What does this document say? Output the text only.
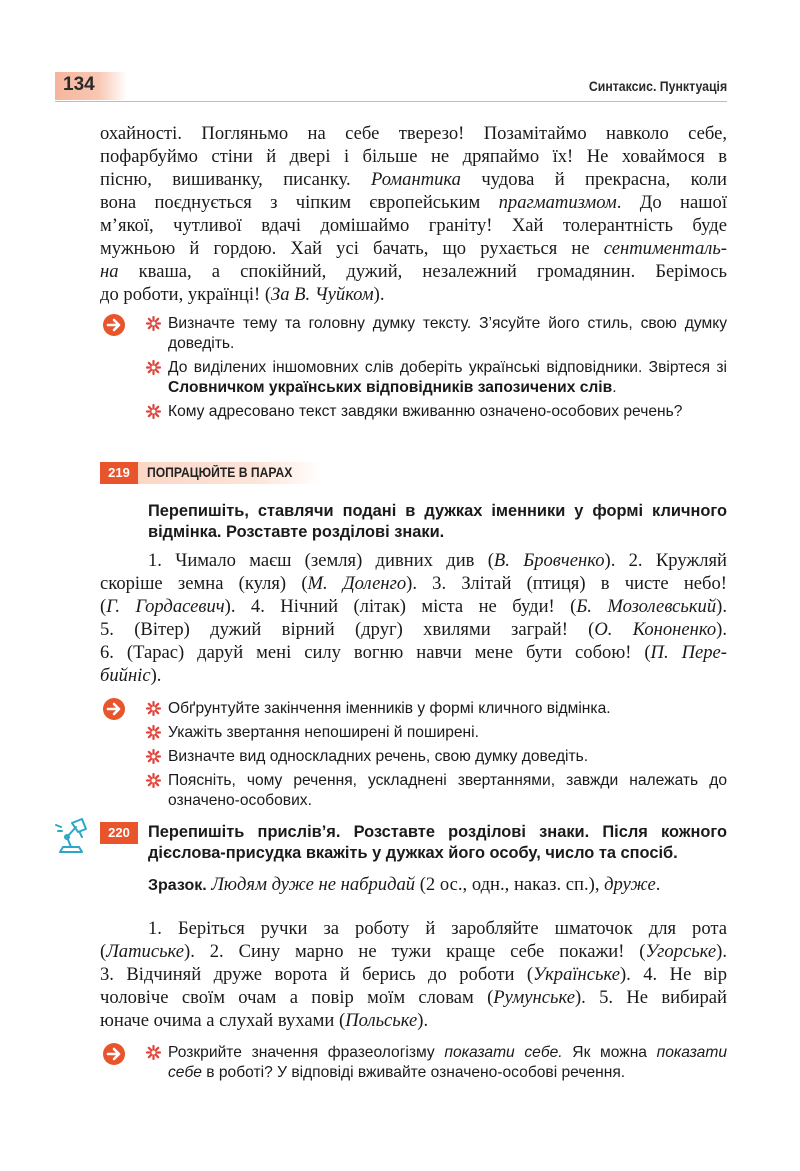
134	Синтаксис. Пунктуація
охайності. Погляньмо на себе тверезо! Позамітаймо навколо себе,
пофарбуймо стіни й двері і більше не дряпаймо їх! Не ховаймося в
пісню, вишиванку, писанку. Романтика чудова й прекрасна, коли
вона поєднується з чіпким європейським прагматизмом. До нашої
м’якої, чутливої вдачі домішаймо граніту! Хай толерантність буде
мужньою й гордою. Хай усі бачать, що рухається не сентименталь-
на кваша, а спокійний, дужий, незалежний громадянин. Берімось
до роботи, українці! (За В. Чуйком).
Визначте тему та головну думку тексту. З’ясуйте його стиль, свою думку доведіть.
До виділених іншомовних слів доберіть українські відповідники. Звіртеся зі Словничком українських відповідників запозичених слів.
Кому адресовано текст завдяки вживанню означено-особових речень?
219	ПОПРАЦЮЙТЕ В ПАРАХ
Перепишіть, ставлячи подані в дужках іменники у формі кличного відмінка. Розставте розділові знаки.
1. Чимало маєш (земля) дивних див (В. Бровченко). 2. Кружляй
скоріше земна (куля) (М. Доленго). 3. Злітай (птиця) в чисте небо!
(Г. Гордасевич). 4. Нічний (літак) міста не буди! (Б. Мозолевський).
5. (Вітер) дужий вірний (друг) хвилями заграй! (О. Кононенко).
6. (Тарас) даруй мені силу вогню навчи мене бути собою! (П. Пере-
бийніс).
Обґрунтуйте закінчення іменників у формі кличного відмінка.
Укажіть звертання непоширені й поширені.
Визначте вид односкладних речень, свою думку доведіть.
Поясніть, чому речення, ускладнені звертаннями, завжди належать до означено-особових.
220	Перепишіть прислів’я. Розставте розділові знаки. Після кожного дієслова-присудка вкажіть у дужках його особу, число та спосіб.
Зразок. Людям дуже не набридай (2 ос., одн., наказ. сп.), друже.
1. Беріться ручки за роботу й заробляйте шматочок для рота
(Латиське). 2. Сину марно не тужи краще себе покажи! (Угорське).
3. Відчиняй друже ворота й берись до роботи (Українське). 4. Не вір
чоловіче своїм очам а повір моїм словам (Румунське). 5. Не вибирай
юначе очима а слухай вухами (Польське).
Розкрийте значення фразеологізму показати себе. Як можна показати себе в роботі? У відповіді вживайте означено-особові речення.
